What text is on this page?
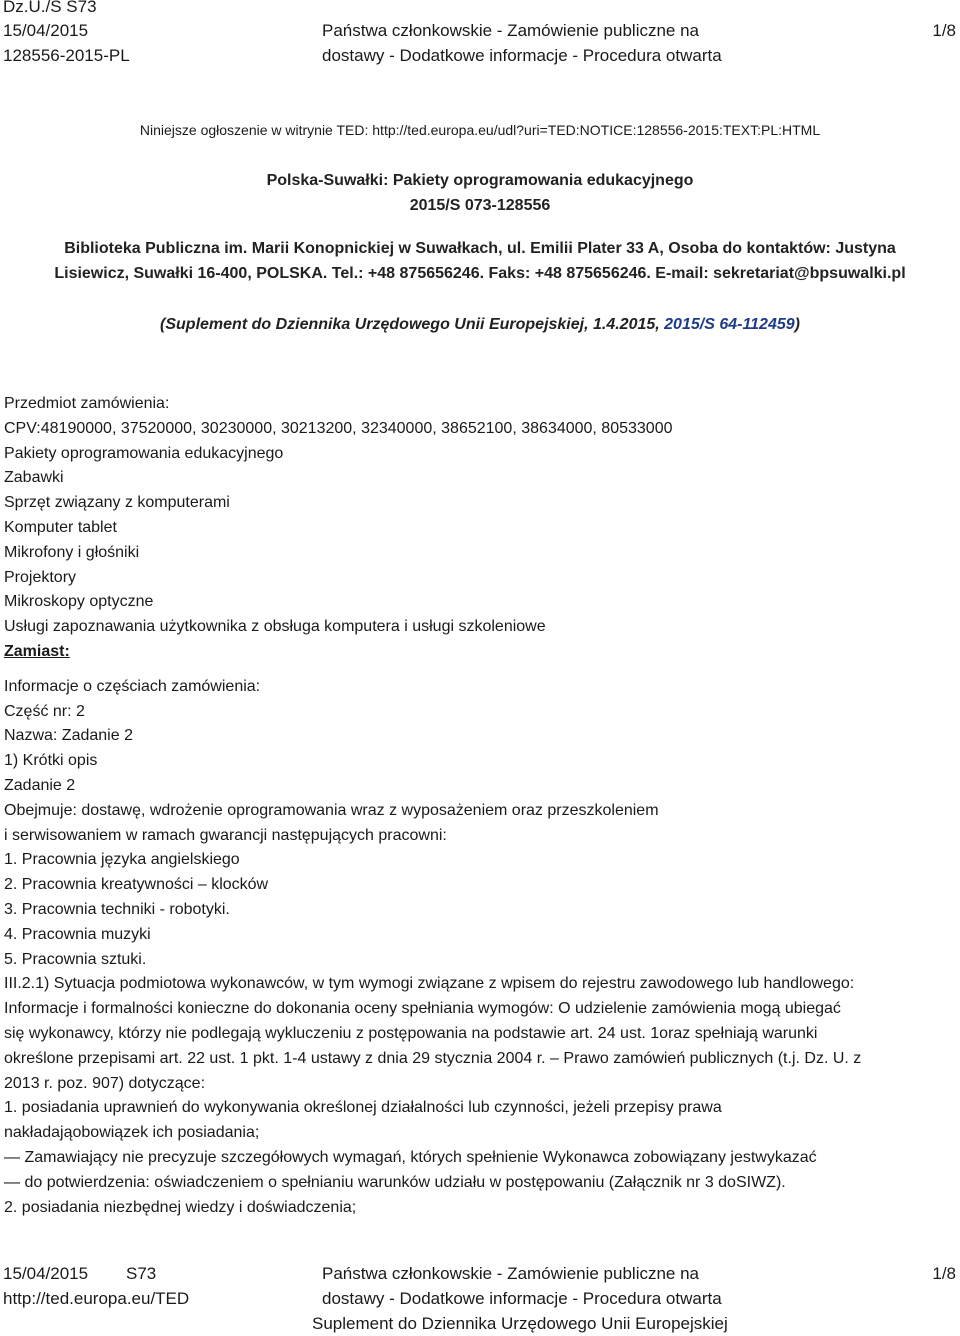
Dz.U./S S73
15/04/2015
128556-2015-PL
Państwa członkowskie - Zamówienie publiczne na
dostawy - Dodatkowe informacje - Procedura otwarta
1/8
Niniejsze ogłoszenie w witrynie TED: http://ted.europa.eu/udl?uri=TED:NOTICE:128556-2015:TEXT:PL:HTML
Polska-Suwałki: Pakiety oprogramowania edukacyjnego
2015/S 073-128556
Biblioteka Publiczna im. Marii Konopnickiej w Suwałkach, ul. Emilii Plater 33 A, Osoba do kontaktów: Justyna
Lisiewicz, Suwałki 16-400, POLSKA. Tel.: +48 875656246. Faks: +48 875656246. E-mail: sekretariat@bpsuwalki.pl
(Suplement do Dziennika Urzędowego Unii Europejskiej, 1.4.2015, 2015/S 64-112459)

Przedmiot zamówienia:

CPV:48190000, 37520000, 30230000, 30213200, 32340000, 38652100, 38634000, 80533000

Pakiety oprogramowania edukacyjnego

Zabawki

Sprzęt związany z komputerami

Komputer tablet

Mikrofony i głośniki

Projektory

Mikroskopy optyczne

Usługi zapoznawania użytkownika z obsługa komputera i usługi szkoleniowe

Zamiast:

Informacje o częściach zamówienia:

Część nr: 2

Nazwa: Zadanie 2

1) Krótki opis

Zadanie 2

Obejmuje: dostawę, wdrożenie oprogramowania wraz z wyposażeniem oraz przeszkoleniem

i serwisowaniem w ramach gwarancji następujących pracowni:

1. Pracownia języka angielskiego

2. Pracownia kreatywności – klocków

3. Pracownia techniki - robotyki.

4. Pracownia muzyki

5. Pracownia sztuki.

III.2.1) Sytuacja podmiotowa wykonawców, w tym wymogi związane z wpisem do rejestru zawodowego lub handlowego:

Informacje i formalności konieczne do dokonania oceny spełniania wymogów: O udzielenie zamówienia mogą ubiegać

się wykonawcy, którzy nie podlegają wykluczeniu z postępowania na podstawie art. 24 ust. 1oraz spełniają warunki

określone przepisami art. 22 ust. 1 pkt. 1-4 ustawy z dnia 29 stycznia 2004 r. – Prawo zamówień publicznych (t.j. Dz. U. z

2013 r. poz. 907) dotyczące:

1. posiadania uprawnień do wykonywania określonej działalności lub czynności, jeżeli przepisy prawa

nakładająobowiązek ich posiadania;

— Zamawiający nie precyzuje szczegółowych wymagań, których spełnienie Wykonawca zobowiązany jestwykazać

— do potwierdzenia: oświadczeniem o spełnianiu warunków udziału w postępowaniu (Załącznik nr 3 doSIWZ).

2. posiadania niezbędnej wiedzy i doświadczenia;

15/04/2015 S73
http://ted.europa.eu/TED
Państwa członkowskie - Zamówienie publiczne na
dostawy - Dodatkowe informacje - Procedura otwarta
Suplement do Dziennika Urzędowego Unii Europejskiej
1/8
